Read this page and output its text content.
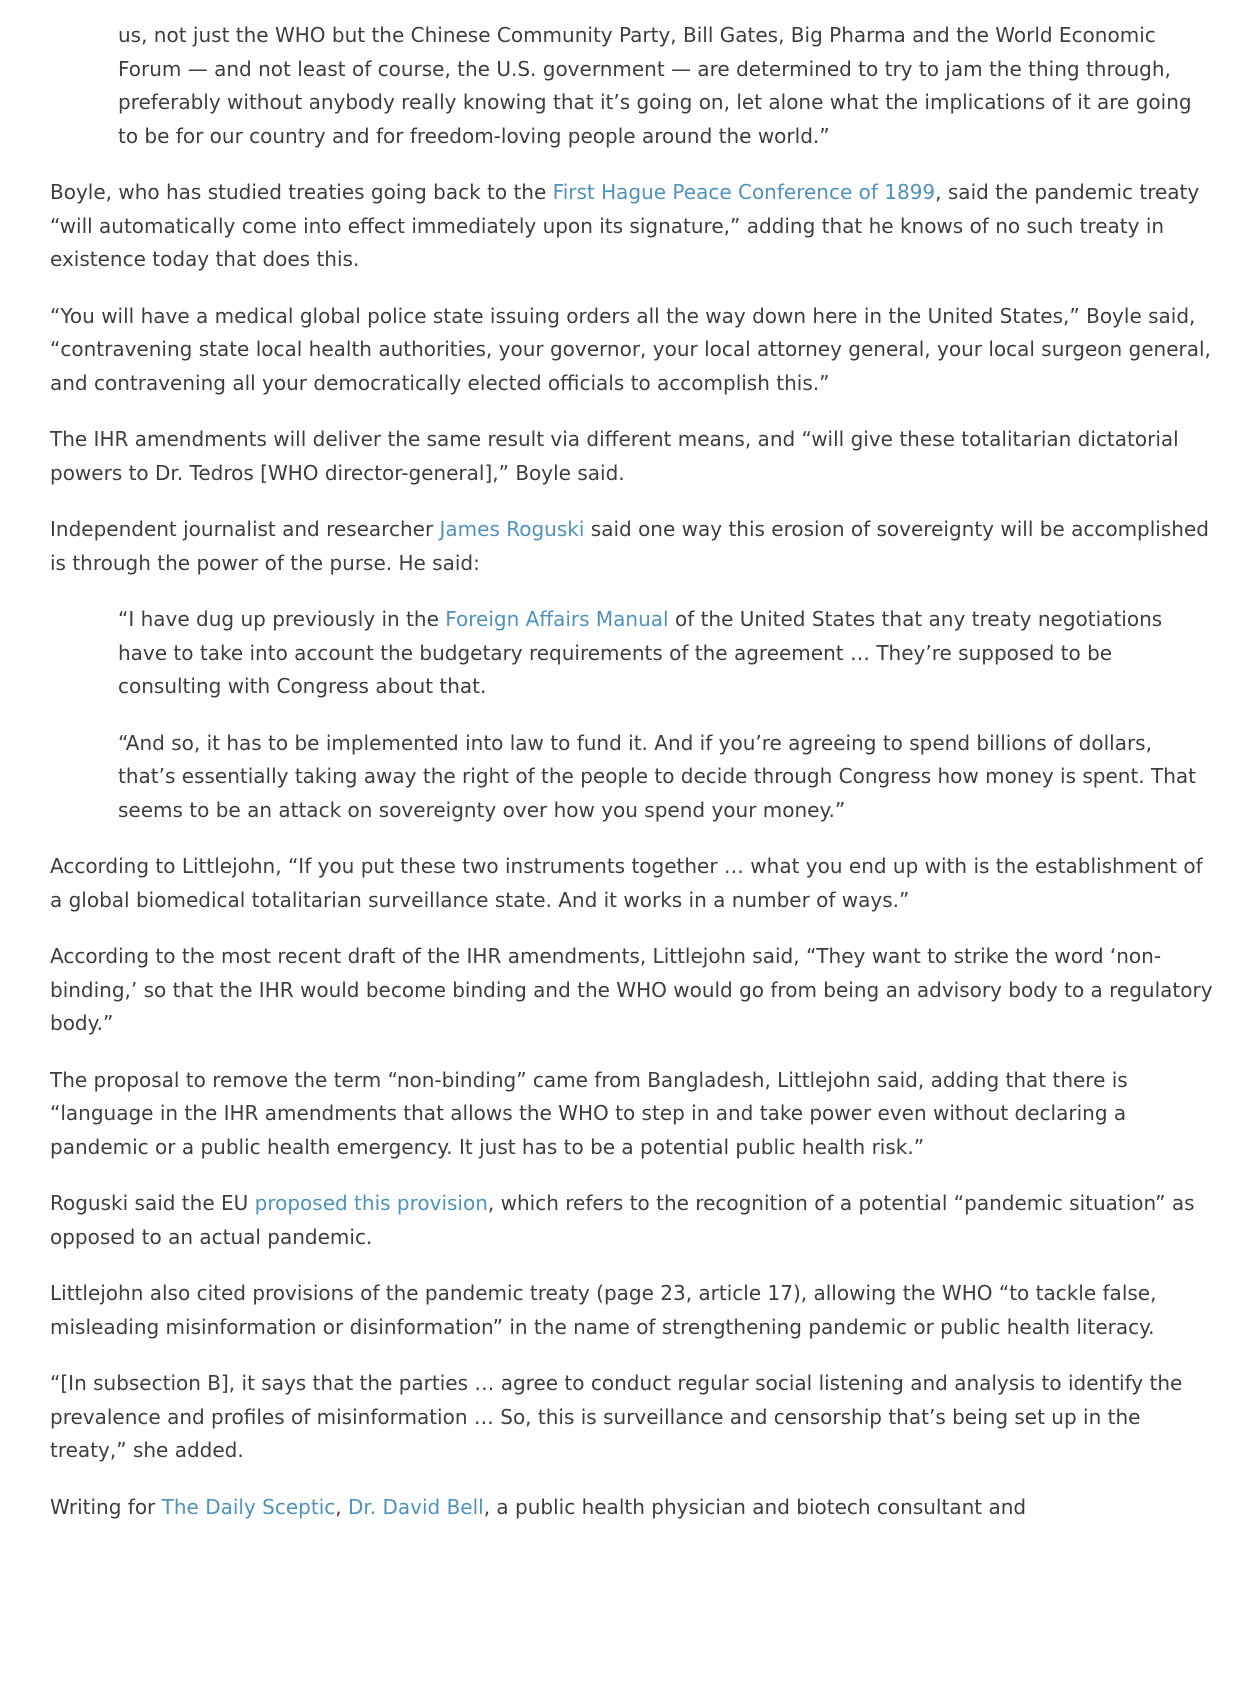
us, not just the WHO but the Chinese Community Party, Bill Gates, Big Pharma and the World Economic Forum — and not least of course, the U.S. government — are determined to try to jam the thing through, preferably without anybody really knowing that it’s going on, let alone what the implications of it are going to be for our country and for freedom-loving people around the world.”

Boyle, who has studied treaties going back to the First Hague Peace Conference of 1899, said the pandemic treaty “will automatically come into effect immediately upon its signature,” adding that he knows of no such treaty in existence today that does this.

“You will have a medical global police state issuing orders all the way down here in the United States,” Boyle said, “contravening state local health authorities, your governor, your local attorney general, your local surgeon general, and contravening all your democratically elected officials to accomplish this.”

The IHR amendments will deliver the same result via different means, and “will give these totalitarian dictatorial powers to Dr. Tedros [WHO director-general],” Boyle said.

Independent journalist and researcher James Roguski said one way this erosion of sovereignty will be accomplished is through the power of the purse. He said:

“I have dug up previously in the Foreign Affairs Manual of the United States that any treaty negotiations have to take into account the budgetary requirements of the agreement … They’re supposed to be consulting with Congress about that.

“And so, it has to be implemented into law to fund it. And if you’re agreeing to spend billions of dollars, that’s essentially taking away the right of the people to decide through Congress how money is spent. That seems to be an attack on sovereignty over how you spend your money.”

According to Littlejohn, “If you put these two instruments together … what you end up with is the establishment of a global biomedical totalitarian surveillance state. And it works in a number of ways.”

According to the most recent draft of the IHR amendments, Littlejohn said, “They want to strike the word ‘non-binding,’ so that the IHR would become binding and the WHO would go from being an advisory body to a regulatory body.”

The proposal to remove the term “non-binding” came from Bangladesh, Littlejohn said, adding that there is “language in the IHR amendments that allows the WHO to step in and take power even without declaring a pandemic or a public health emergency. It just has to be a potential public health risk.”

Roguski said the EU proposed this provision, which refers to the recognition of a potential “pandemic situation” as opposed to an actual pandemic.

Littlejohn also cited provisions of the pandemic treaty (page 23, article 17), allowing the WHO “to tackle false, misleading misinformation or disinformation” in the name of strengthening pandemic or public health literacy.

“[In subsection B], it says that the parties … agree to conduct regular social listening and analysis to identify the prevalence and profiles of misinformation … So, this is surveillance and censorship that’s being set up in the treaty,” she added.

Writing for The Daily Sceptic, Dr. David Bell, a public health physician and biotech consultant and
